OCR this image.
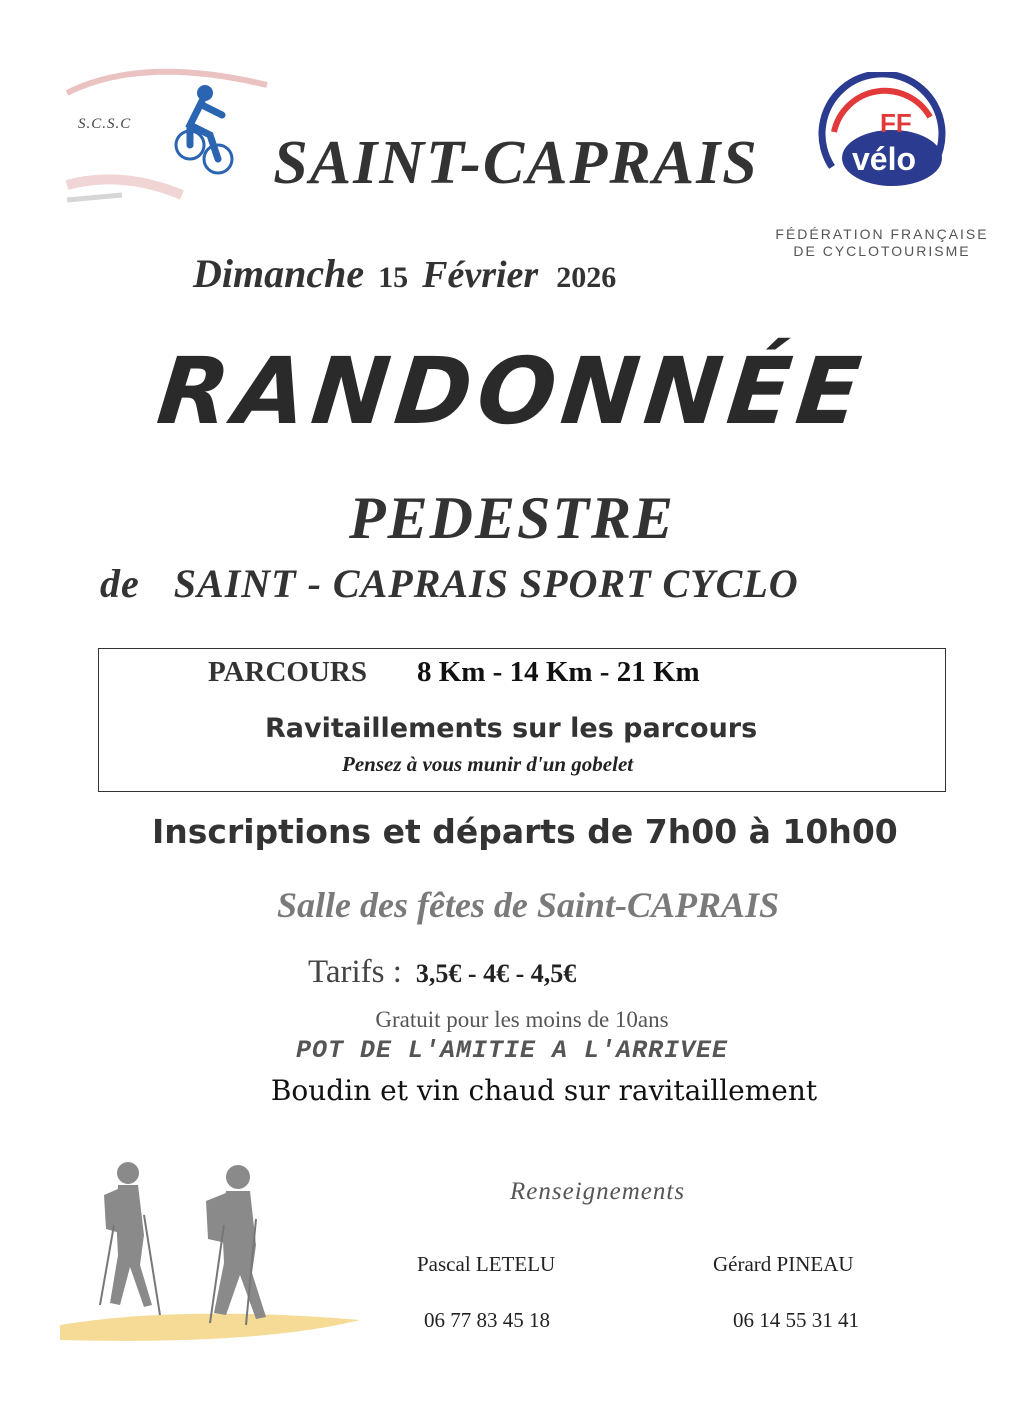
S.C.S.C	FF
vélo
FÉDÉRATION FRANÇAISE
DE CYCLOTOURISME
SAINT-CAPRAIS
Dimanche 15 Février 2026
RANDONNÉE
PEDESTRE
de SAINT - CAPRAIS SPORT CYCLO
PARCOURS 8 Km - 14 Km - 21 Km
Ravitaillements sur les parcours
Pensez à vous munir d'un gobelet
Inscriptions et départs de 7h00 à 10h00
Salle des fêtes de Saint-CAPRAIS
Tarifs : 3,5€ - 4€ - 4,5€
Gratuit pour les moins de 10ans
POT DE L'AMITIE A L'ARRIVEE
Boudin et vin chaud sur ravitaillement
Renseignements
Pascal LETELU
06 77 83 45 18
Gérard PINEAU
06 14 55 31 41
